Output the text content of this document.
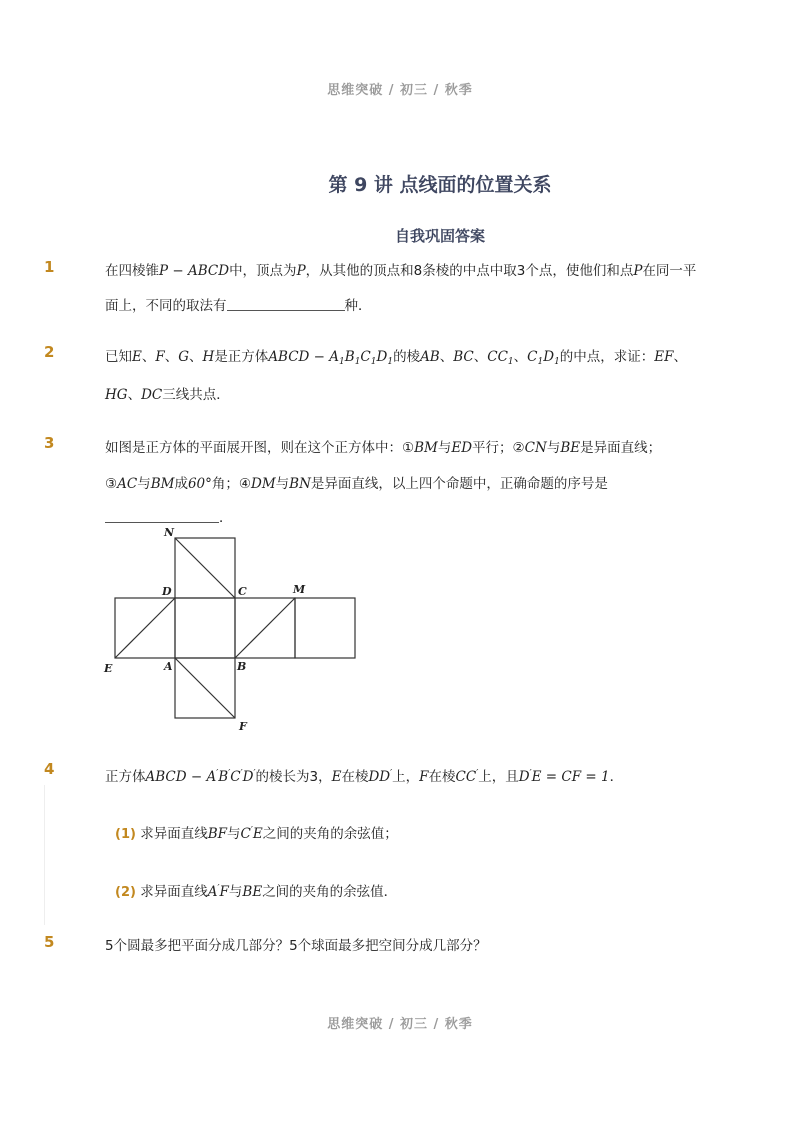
思维突破 / 初三 / 秋季
第 9 讲 点线面的位置关系
自我巩固答案
1	在四棱锥P − ABCD中，顶点为P，从其他的顶点和8条棱的中点中取3个点，使他们和点P在同一平
面上，不同的取法有	种．
2	已知E、F、G、H是正方体ABCD − $A_1B_1C_1D_1$的棱AB、BC、$CC_1$、$C_1D_1$的中点，求证：EF、
HG、DC三线共点．
3	如图是正方体的平面展开图，则在这个正方体中：①BM与ED平行；②CN与BE是异面直线；
③AC与BM成60°角；④DM与BN是异面直线，以上四个命题中，正确命题的序号是
．
N
D	C	M
E	A	B
F
4	正方体ABCD − A′B′C′D′的棱长为3，E在棱DD′上，F在棱CC′上，且D′E = CF = 1．
(1) 求异面直线BF与C′E之间的夹角的余弦值；
(2) 求异面直线A′F与BE之间的夹角的余弦值．
5	5个圆最多把平面分成几部分？5个球面最多把空间分成几部分？
思维突破 / 初三 / 秋季
